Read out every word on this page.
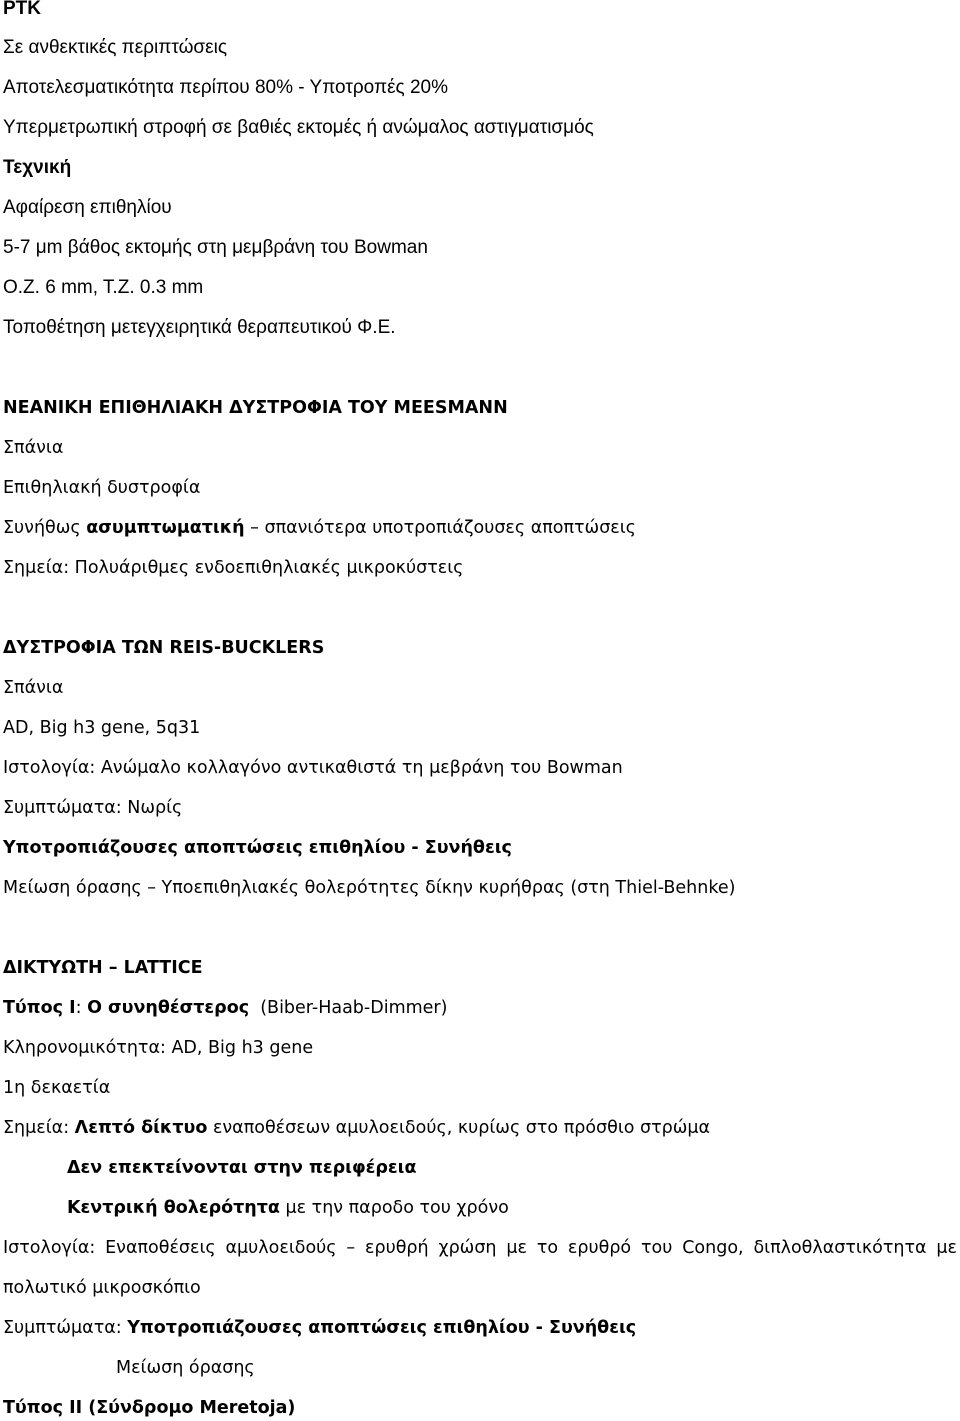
PTK
Σε ανθεκτικές περιπτώσεις
Αποτελεσματικότητα περίπου 80% - Υποτροπές 20%
Υπερμετρωπική στροφή σε βαθιές εκτομές ή ανώμαλος αστιγματισμός
Τεχνική
Αφαίρεση επιθηλίου
5-7 μm βάθος εκτομής στη μεμβράνη του Bowman
O.Z. 6 mm, T.Z. 0.3 mm
Τοποθέτηση μετεγχειρητικά θεραπευτικού Φ.Ε.
ΝΕΑΝΙΚΗ ΕΠΙΘΗΛΙΑΚΗ ΔΥΣΤΡΟΦΙΑ ΤΟΥ MEESMANN
Σπάνια
Επιθηλιακή δυστροφία
Συνήθως ασυμπτωματική – σπανιότερα υποτροπιάζουσες αποπτώσεις
Σημεία: Πολυάριθμες ενδοεπιθηλιακές μικροκύστεις
ΔΥΣΤΡΟΦΙΑ ΤΩΝ REIS-BUCKLERS
Σπάνια
AD, Big h3 gene, 5q31
Ιστολογία: Ανώμαλο κολλαγόνο αντικαθιστά τη μεβράνη του Bowman
Συμπτώματα: Νωρίς
Υποτροπιάζουσες αποπτώσεις επιθηλίου - Συνήθεις
Μείωση όρασης – Υποεπιθηλιακές θολερότητες δίκην κυρήθρας (στη Thiel-Behnke)
ΔΙΚΤΥΩΤΗ – LATTICE
Τύπος Ι: Ο συνηθέστερος  (Biber-Haab-Dimmer)
Κληρονομικότητα: AD, Big h3 gene
1η δεκαετία
Σημεία: Λεπτό δίκτυο εναποθέσεων αμυλοειδούς, κυρίως στο πρόσθιο στρώμα
Δεν επεκτείνονται στην περιφέρεια
Κεντρική θολερότητα με την παροδο του χρόνο
Ιστολογία: Εναποθέσεις αμυλοειδούς – ερυθρή χρώση με το ερυθρό του Congo, διπλοθλαστικότητα με
πολωτικό μικροσκόπιο
Συμπτώματα: Υποτροπιάζουσες αποπτώσεις επιθηλίου - Συνήθεις
Μείωση όρασης
Τύπος ΙΙ (Σύνδρομο Meretoja)
